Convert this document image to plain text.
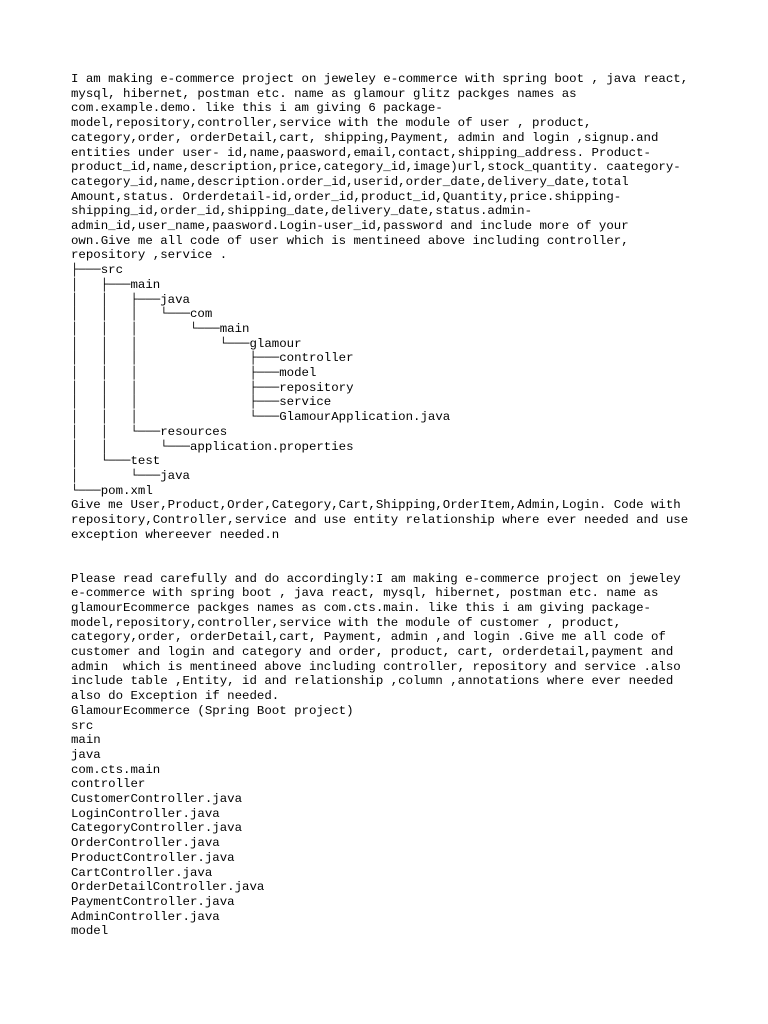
I am making e-commerce project on jeweley e-commerce with spring boot , java react,
mysql, hibernet, postman etc. name as glamour glitz packges names as
com.example.demo. like this i am giving 6 package-
model,repository,controller,service with the module of user , product,
category,order, orderDetail,cart, shipping,Payment, admin and login ,signup.and
entities under user- id,name,paasword,email,contact,shipping_address. Product-
product_id,name,description,price,category_id,image)url,stock_quantity. caategory-
category_id,name,description.order_id,userid,order_date,delivery_date,total
Amount,status. Orderdetail-id,order_id,product_id,Quantity,price.shipping-
shipping_id,order_id,shipping_date,delivery_date,status.admin-
admin_id,user_name,paasword.Login-user_id,password and include more of your
own.Give me all code of user which is mentineed above including controller,
repository ,service .

├───src
│   ├───main
│   │   ├───java
│   │   │   └───com
│   │   │       └───main
│   │   │           └───glamour
│   │   │               ├───controller
│   │   │               ├───model
│   │   │               ├───repository
│   │   │               ├───service
│   │   │               └───GlamourApplication.java
│   │   └───resources
│   │       └───application.properties
│   └───test
│       └───java
└───pom.xml

Give me User,Product,Order,Category,Cart,Shipping,OrderItem,Admin,Login. Code with
repository,Controller,service and use entity relationship where ever needed and use
exception whereever needed.n

Please read carefully and do accordingly:I am making e-commerce project on jeweley
e-commerce with spring boot , java react, mysql, hibernet, postman etc. name as
glamourEcommerce packges names as com.cts.main. like this i am giving package-
model,repository,controller,service with the module of customer , product,
category,order, orderDetail,cart, Payment, admin ,and login .Give me all code of
customer and login and category and order, product, cart, orderdetail,payment and
admin  which is mentineed above including controller, repository and service .also
include table ,Entity, id and relationship ,column ,annotations where ever needed
also do Exception if needed.

GlamourEcommerce (Spring Boot project)
src
main
java
com.cts.main
controller
CustomerController.java
LoginController.java
CategoryController.java
OrderController.java
ProductController.java
CartController.java
OrderDetailController.java
PaymentController.java
AdminController.java
model
